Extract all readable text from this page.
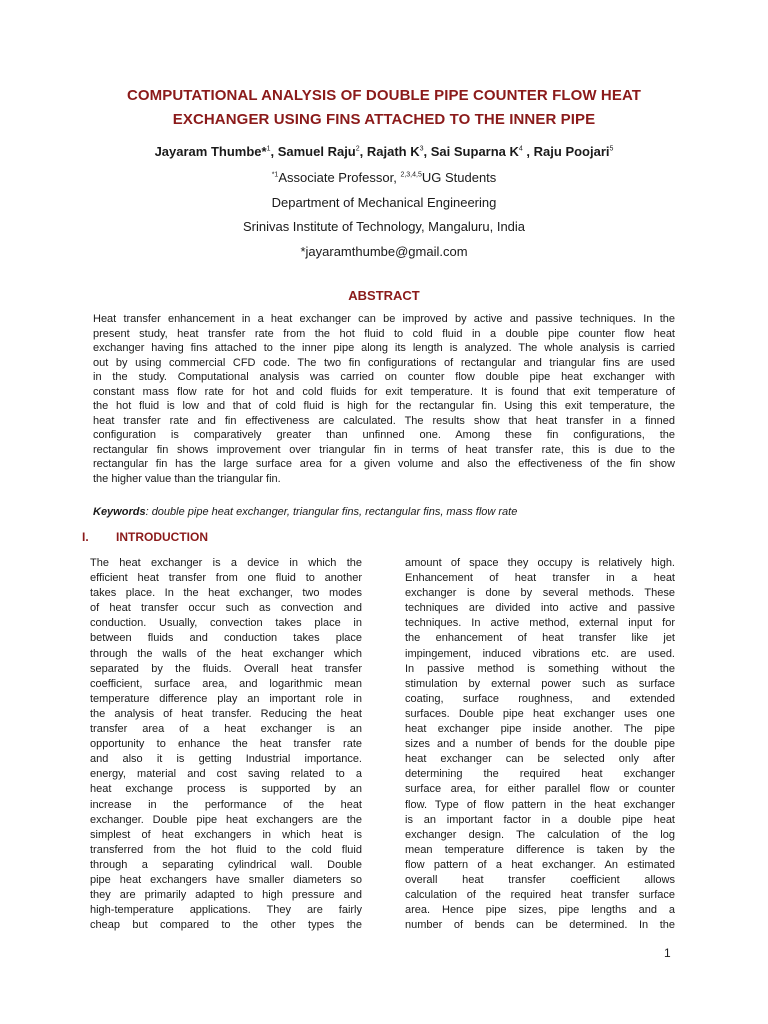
COMPUTATIONAL ANALYSIS OF DOUBLE PIPE COUNTER FLOW HEAT
EXCHANGER USING FINS ATTACHED TO THE INNER PIPE
Jayaram Thumbe*$^1$, Samuel Raju$^2$, Rajath $K^3$, Sai Suparna $K^4$ , Raju Poojari$^5$
$^{*1}$Associate Professor, $^{2,3,4,5}$UG Students
Department of Mechanical Engineering
Srinivas Institute of Technology, Mangaluru, India
*jayaramthumbe@gmail.com
ABSTRACT
Heat transfer enhancement in a heat exchanger can be improved by active and passive techniques. In the
present study, heat transfer rate from the hot fluid to cold fluid in a double pipe counter flow heat
exchanger having fins attached to the inner pipe along its length is analyzed. The whole analysis is carried
out by using commercial CFD code. The two fin configurations of rectangular and triangular fins are used
in the study. Computational analysis was carried on counter flow double pipe heat exchanger with
constant mass flow rate for hot and cold fluids for exit temperature. It is found that exit temperature of
the hot fluid is low and that of cold fluid is high for the rectangular fin. Using this exit temperature, the
heat transfer rate and fin effectiveness are calculated. The results show that heat transfer in a finned
configuration is comparatively greater than unfinned one. Among these fin configurations, the
rectangular fin shows improvement over triangular fin in terms of heat transfer rate, this is due to the
rectangular fin has the large surface area for a given volume and also the effectiveness of the fin show
the higher value than the triangular fin.
Keywords: double pipe heat exchanger, triangular fins, rectangular fins, mass flow rate
I. INTRODUCTION
The heat exchanger is a device in which the
efficient heat transfer from one fluid to another
takes place. In the heat exchanger, two modes
of heat transfer occur such as convection and
conduction. Usually, convection takes place in
between fluids and conduction takes place
through the walls of the heat exchanger which
separated by the fluids. Overall heat transfer
coefficient, surface area, and logarithmic mean
temperature difference play an important role in
the analysis of heat transfer. Reducing the heat
transfer area of a heat exchanger is an
opportunity to enhance the heat transfer rate
and also it is getting Industrial importance.
energy, material and cost saving related to a
heat exchange process is supported by an
increase in the performance of the heat
exchanger. Double pipe heat exchangers are the
simplest of heat exchangers in which heat is
transferred from the hot fluid to the cold fluid
through a separating cylindrical wall. Double
pipe heat exchangers have smaller diameters so
they are primarily adapted to high pressure and
high-temperature applications. They are fairly
cheap but compared to the other types the
amount of space they occupy is relatively high.
Enhancement of heat transfer in a heat
exchanger is done by several methods. These
techniques are divided into active and passive
techniques. In active method, external input for
the enhancement of heat transfer like jet
impingement, induced vibrations etc. are used.
In passive method is something without the
stimulation by external power such as surface
coating, surface roughness, and extended
surfaces. Double pipe heat exchanger uses one
heat exchanger pipe inside another. The pipe
sizes and a number of bends for the double pipe
heat exchanger can be selected only after
determining the required heat exchanger
surface area, for either parallel flow or counter
flow. Type of flow pattern in the heat exchanger
is an important factor in a double pipe heat
exchanger design. The calculation of the log
mean temperature difference is taken by the
flow pattern of a heat exchanger. An estimated
overall heat transfer coefficient allows
calculation of the required heat transfer surface
area. Hence pipe sizes, pipe lengths and a
number of bends can be determined. In the
1
